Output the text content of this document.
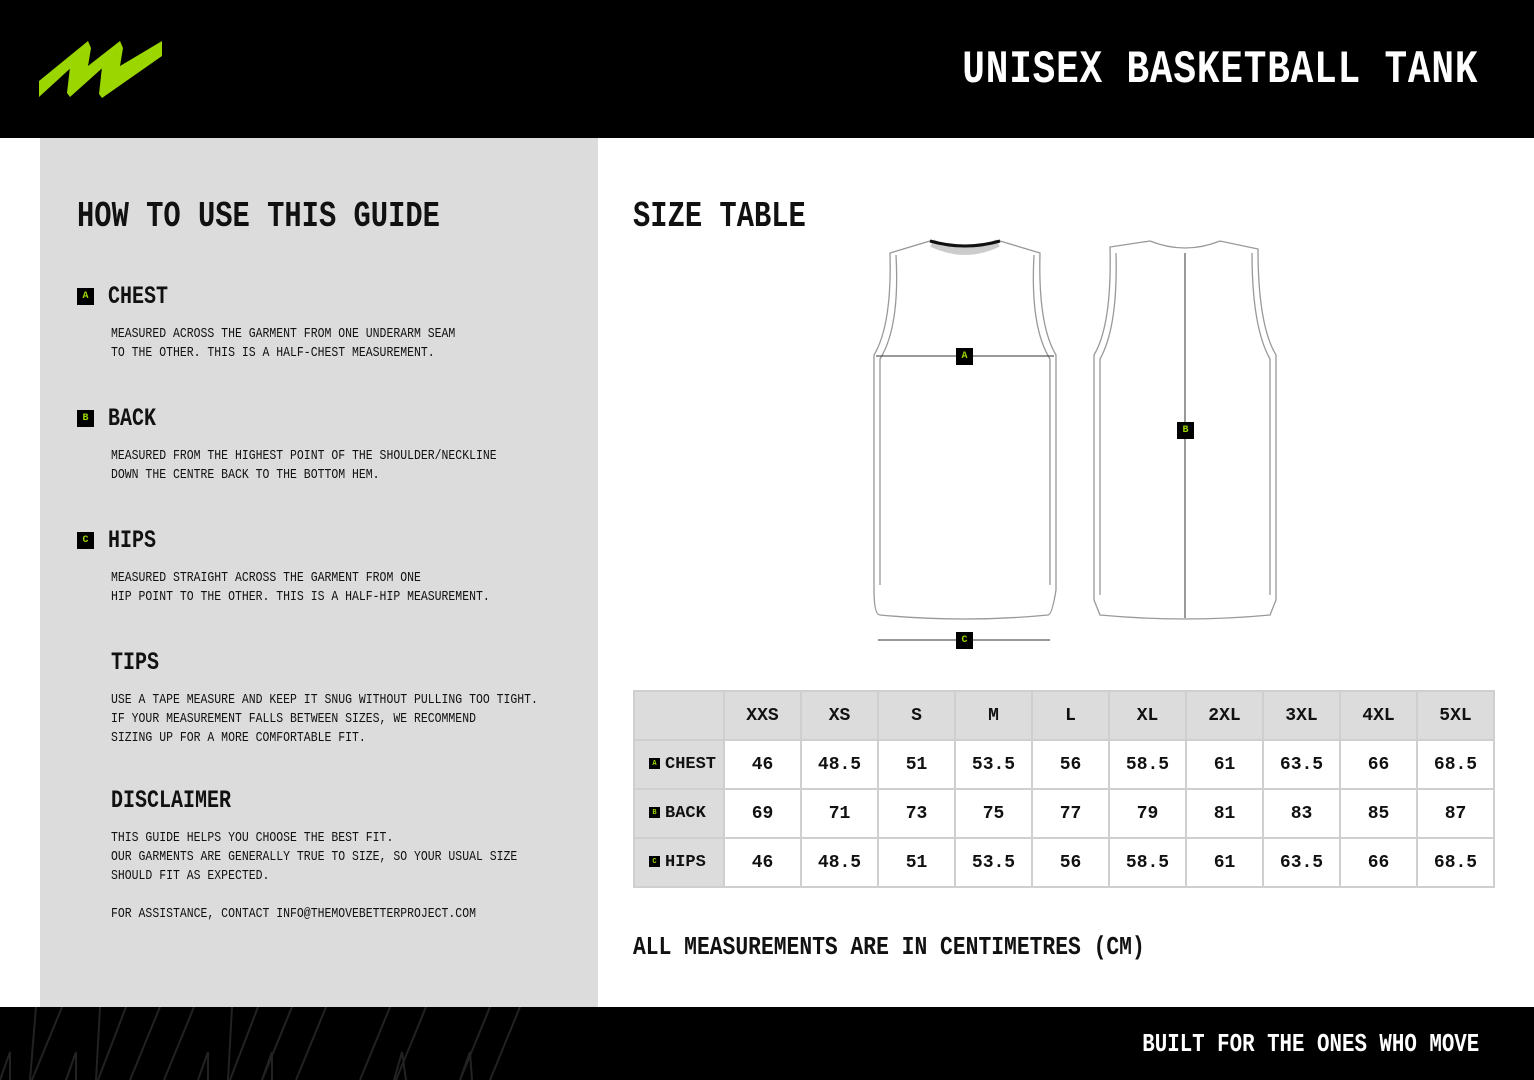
UNISEX BASKETBALL TANK
HOW TO USE THIS GUIDE
A CHEST

MEASURED ACROSS THE GARMENT FROM ONE UNDERARM SEAM
TO THE OTHER. THIS IS A HALF-CHEST MEASUREMENT.

B BACK

MEASURED FROM THE HIGHEST POINT OF THE SHOULDER/NECKLINE
DOWN THE CENTRE BACK TO THE BOTTOM HEM.

C HIPS

MEASURED STRAIGHT ACROSS THE GARMENT FROM ONE
HIP POINT TO THE OTHER. THIS IS A HALF-HIP MEASUREMENT.

TIPS

USE A TAPE MEASURE AND KEEP IT SNUG WITHOUT PULLING TOO TIGHT.
IF YOUR MEASUREMENT FALLS BETWEEN SIZES, WE RECOMMEND
SIZING UP FOR A MORE COMFORTABLE FIT.

DISCLAIMER

THIS GUIDE HELPS YOU CHOOSE THE BEST FIT.
OUR GARMENTS ARE GENERALLY TRUE TO SIZE, SO YOUR USUAL SIZE
SHOULD FIT AS EXPECTED.

FOR ASSISTANCE, CONTACT INFO@THEMOVEBETTERPROJECT.COM

SIZE TABLE
A
B
C
	XXS	XS	S	M	L	XL	2XL	3XL	4XL	5XL
A CHEST	46	48.5	51	53.5	56	58.5	61	63.5	66	68.5
B BACK	69	71	73	75	77	79	81	83	85	87
C HIPS	46	48.5	51	53.5	56	58.5	61	63.5	66	68.5
ALL MEASUREMENTS ARE IN CENTIMETRES (CM)
BUILT FOR THE ONES WHO MOVE
